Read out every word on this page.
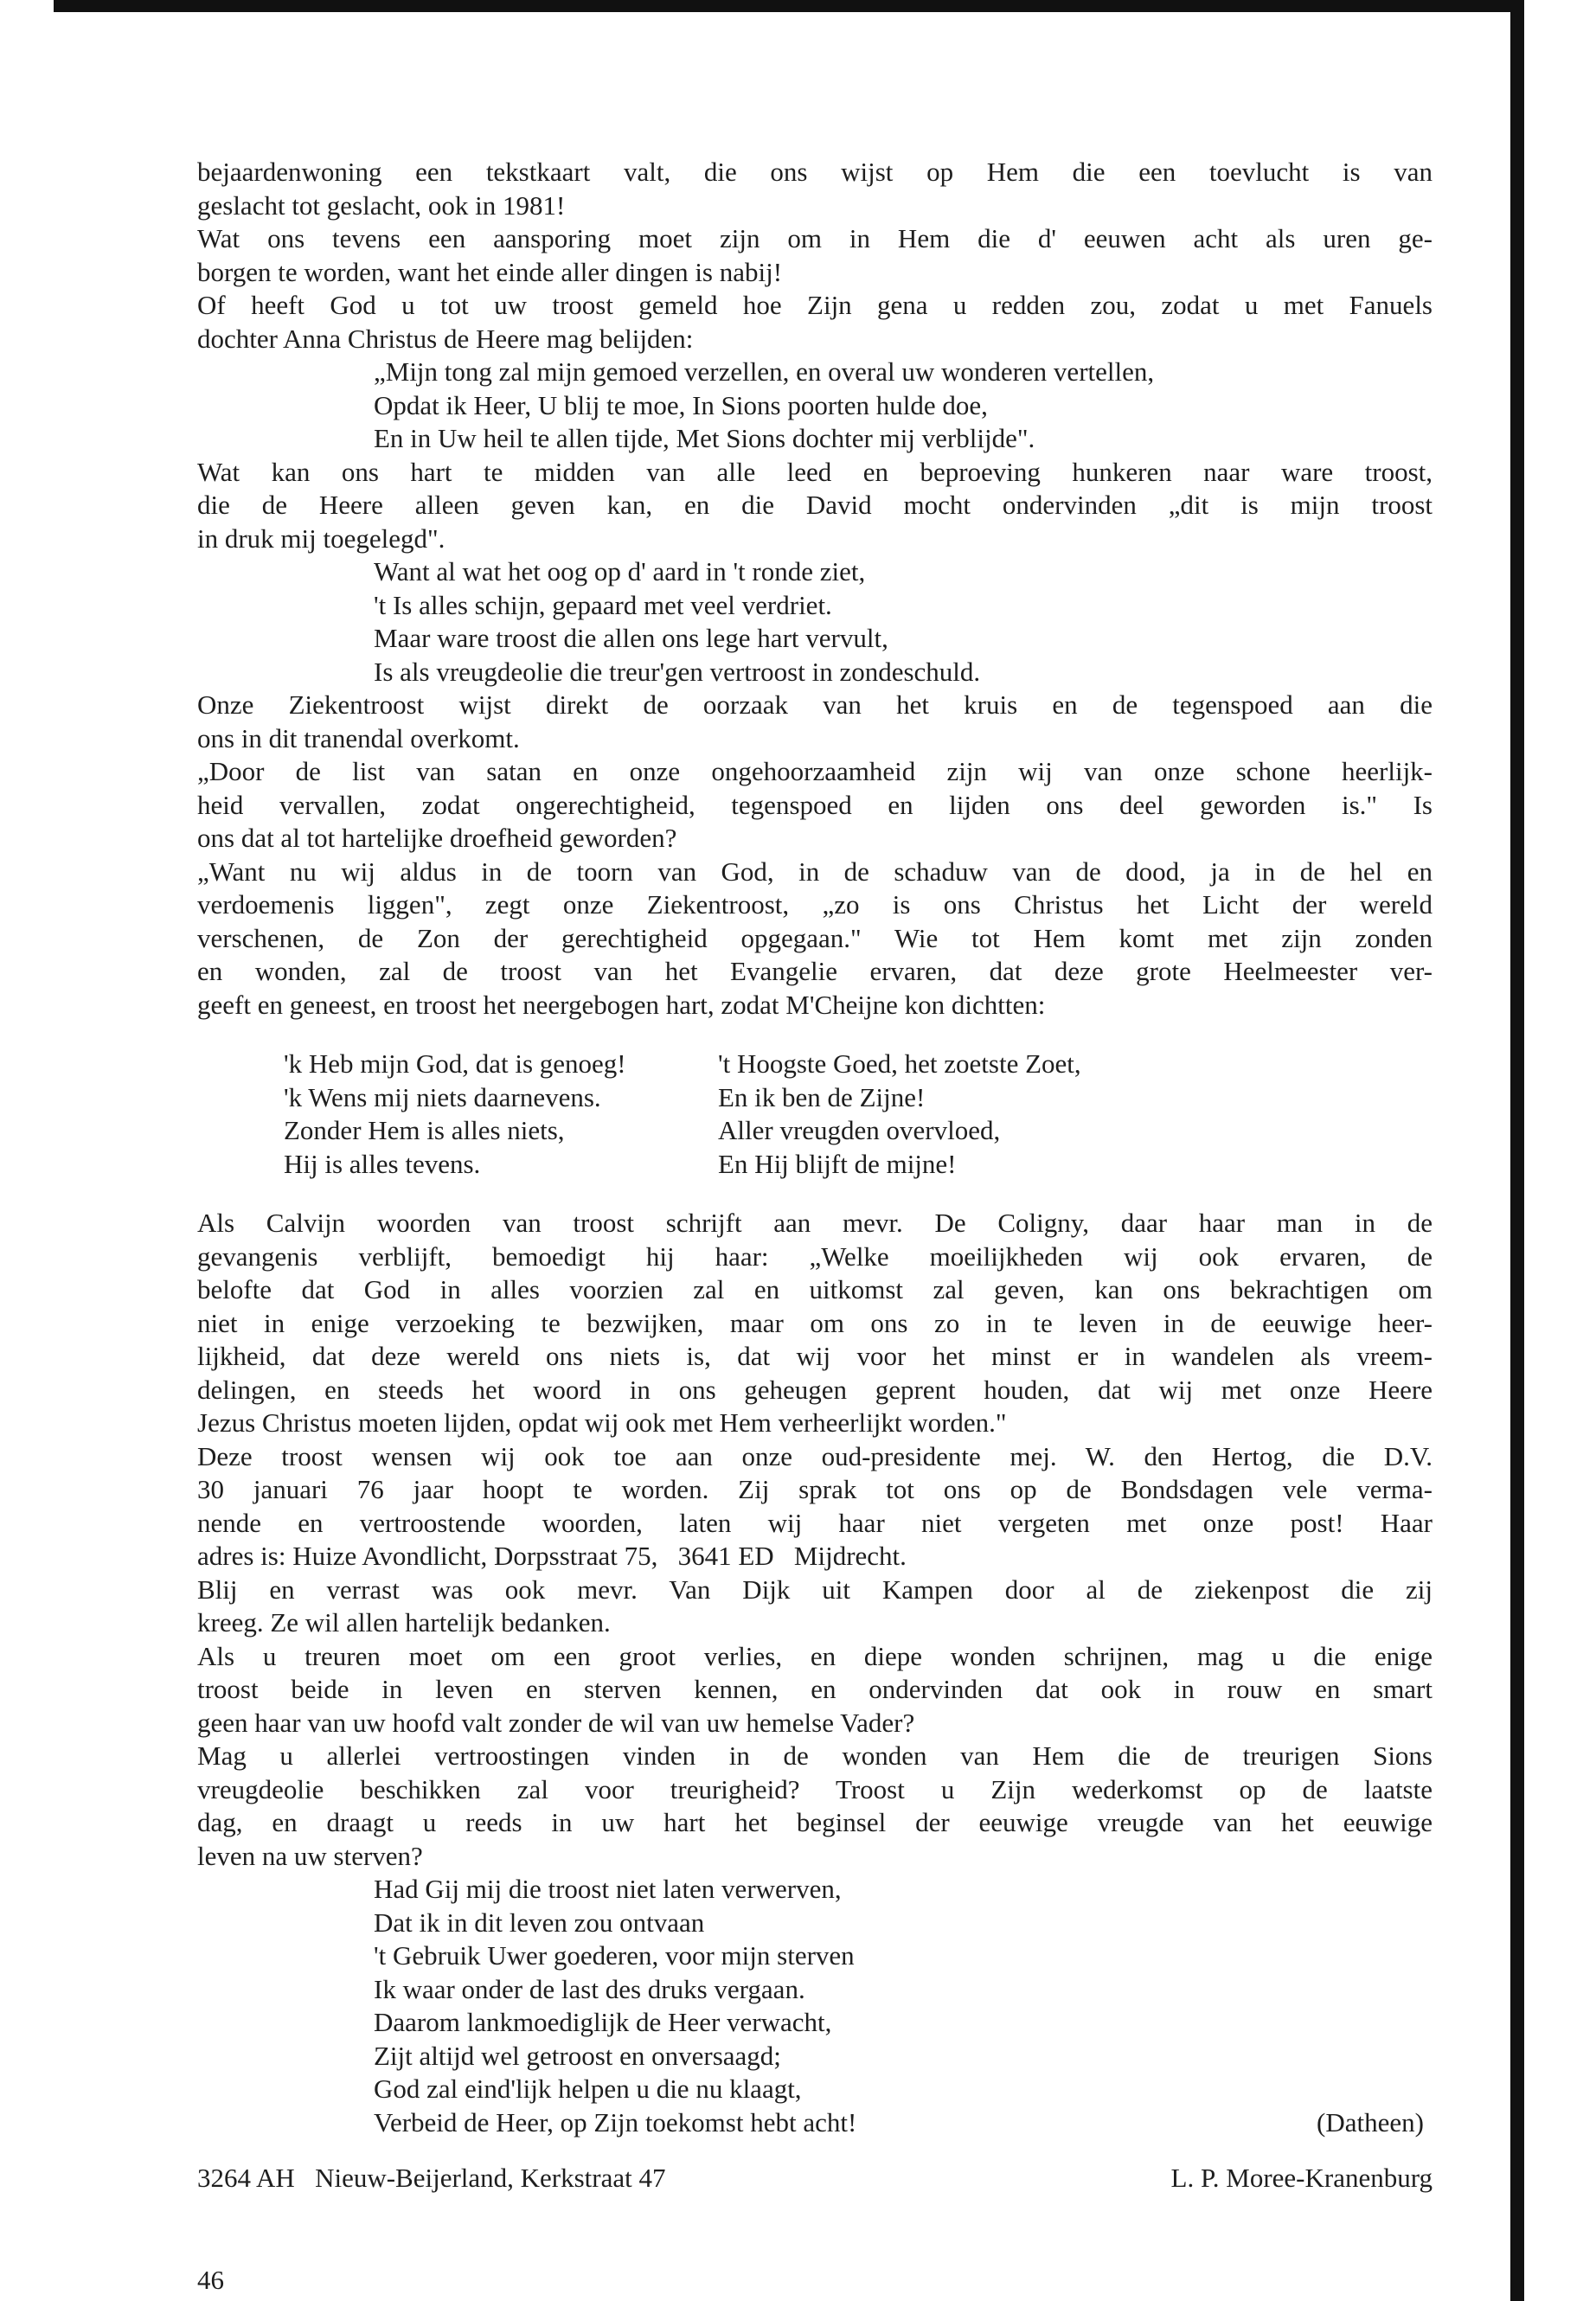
bejaardenwoning een tekstkaart valt, die ons wijst op Hem die een toevlucht is van
geslacht tot geslacht, ook in 1981!
Wat ons tevens een aansporing moet zijn om in Hem die d' eeuwen acht als uren ge-
borgen te worden, want het einde aller dingen is nabij!
Of heeft God u tot uw troost gemeld hoe Zijn gena u redden zou, zodat u met Fanuels
dochter Anna Christus de Heere mag belijden:
„Mijn tong zal mijn gemoed verzellen, en overal uw wonderen vertellen,
Opdat ik Heer, U blij te moe, In Sions poorten hulde doe,
En in Uw heil te allen tijde, Met Sions dochter mij verblijde".
Wat kan ons hart te midden van alle leed en beproeving hunkeren naar ware troost,
die de Heere alleen geven kan, en die David mocht ondervinden „dit is mijn troost
in druk mij toegelegd".
Want al wat het oog op d' aard in 't ronde ziet,
't Is alles schijn, gepaard met veel verdriet.
Maar ware troost die allen ons lege hart vervult,
Is als vreugdeolie die treur'gen vertroost in zondeschuld.
Onze Ziekentroost wijst direkt de oorzaak van het kruis en de tegenspoed aan die
ons in dit tranendal overkomt.
„Door de list van satan en onze ongehoorzaamheid zijn wij van onze schone heerlijk-
heid vervallen, zodat ongerechtigheid, tegenspoed en lijden ons deel geworden is." Is
ons dat al tot hartelijke droefheid geworden?
„Want nu wij aldus in de toorn van God, in de schaduw van de dood, ja in de hel en
verdoemenis liggen", zegt onze Ziekentroost, „zo is ons Christus het Licht der wereld
verschenen, de Zon der gerechtigheid opgegaan." Wie tot Hem komt met zijn zonden
en wonden, zal de troost van het Evangelie ervaren, dat deze grote Heelmeester ver-
geeft en geneest, en troost het neergebogen hart, zodat M'Cheijne kon dichtten:
'k Heb mijn God, dat is genoeg!
'k Wens mij niets daarnevens.
Zonder Hem is alles niets,
Hij is alles tevens.
't Hoogste Goed, het zoetste Zoet,
En ik ben de Zijne!
Aller vreugden overvloed,
En Hij blijft de mijne!
Als Calvijn woorden van troost schrijft aan mevr. De Coligny, daar haar man in de
gevangenis verblijft, bemoedigt hij haar: „Welke moeilijkheden wij ook ervaren, de
belofte dat God in alles voorzien zal en uitkomst zal geven, kan ons bekrachtigen om
niet in enige verzoeking te bezwijken, maar om ons zo in te leven in de eeuwige heer-
lijkheid, dat deze wereld ons niets is, dat wij voor het minst er in wandelen als vreem-
delingen, en steeds het woord in ons geheugen geprent houden, dat wij met onze Heere
Jezus Christus moeten lijden, opdat wij ook met Hem verheerlijkt worden."
Deze troost wensen wij ook toe aan onze oud-presidente mej. W. den Hertog, die D.V.
30 januari 76 jaar hoopt te worden. Zij sprak tot ons op de Bondsdagen vele verma-
nende en vertroostende woorden, laten wij haar niet vergeten met onze post! Haar
adres is: Huize Avondlicht, Dorpsstraat 75,   3641 ED   Mijdrecht.
Blij en verrast was ook mevr. Van Dijk uit Kampen door al de ziekenpost die zij
kreeg. Ze wil allen hartelijk bedanken.
Als u treuren moet om een groot verlies, en diepe wonden schrijnen, mag u die enige
troost beide in leven en sterven kennen, en ondervinden dat ook in rouw en smart
geen haar van uw hoofd valt zonder de wil van uw hemelse Vader?
Mag u allerlei vertroostingen vinden in de wonden van Hem die de treurigen Sions
vreugdeolie beschikken zal voor treurigheid? Troost u Zijn wederkomst op de laatste
dag, en draagt u reeds in uw hart het beginsel der eeuwige vreugde van het eeuwige
leven na uw sterven?
Had Gij mij die troost niet laten verwerven,
Dat ik in dit leven zou ontvaan
't Gebruik Uwer goederen, voor mijn sterven
Ik waar onder de last des druks vergaan.
Daarom lankmoediglijk de Heer verwacht,
Zijt altijd wel getroost en onversaagd;
God zal eind'lijk helpen u die nu klaagt,
Verbeid de Heer, op Zijn toekomst hebt acht!	(Datheen)
3264 AH   Nieuw-Beijerland, Kerkstraat 47	L. P. Moree-Kranenburg
46
